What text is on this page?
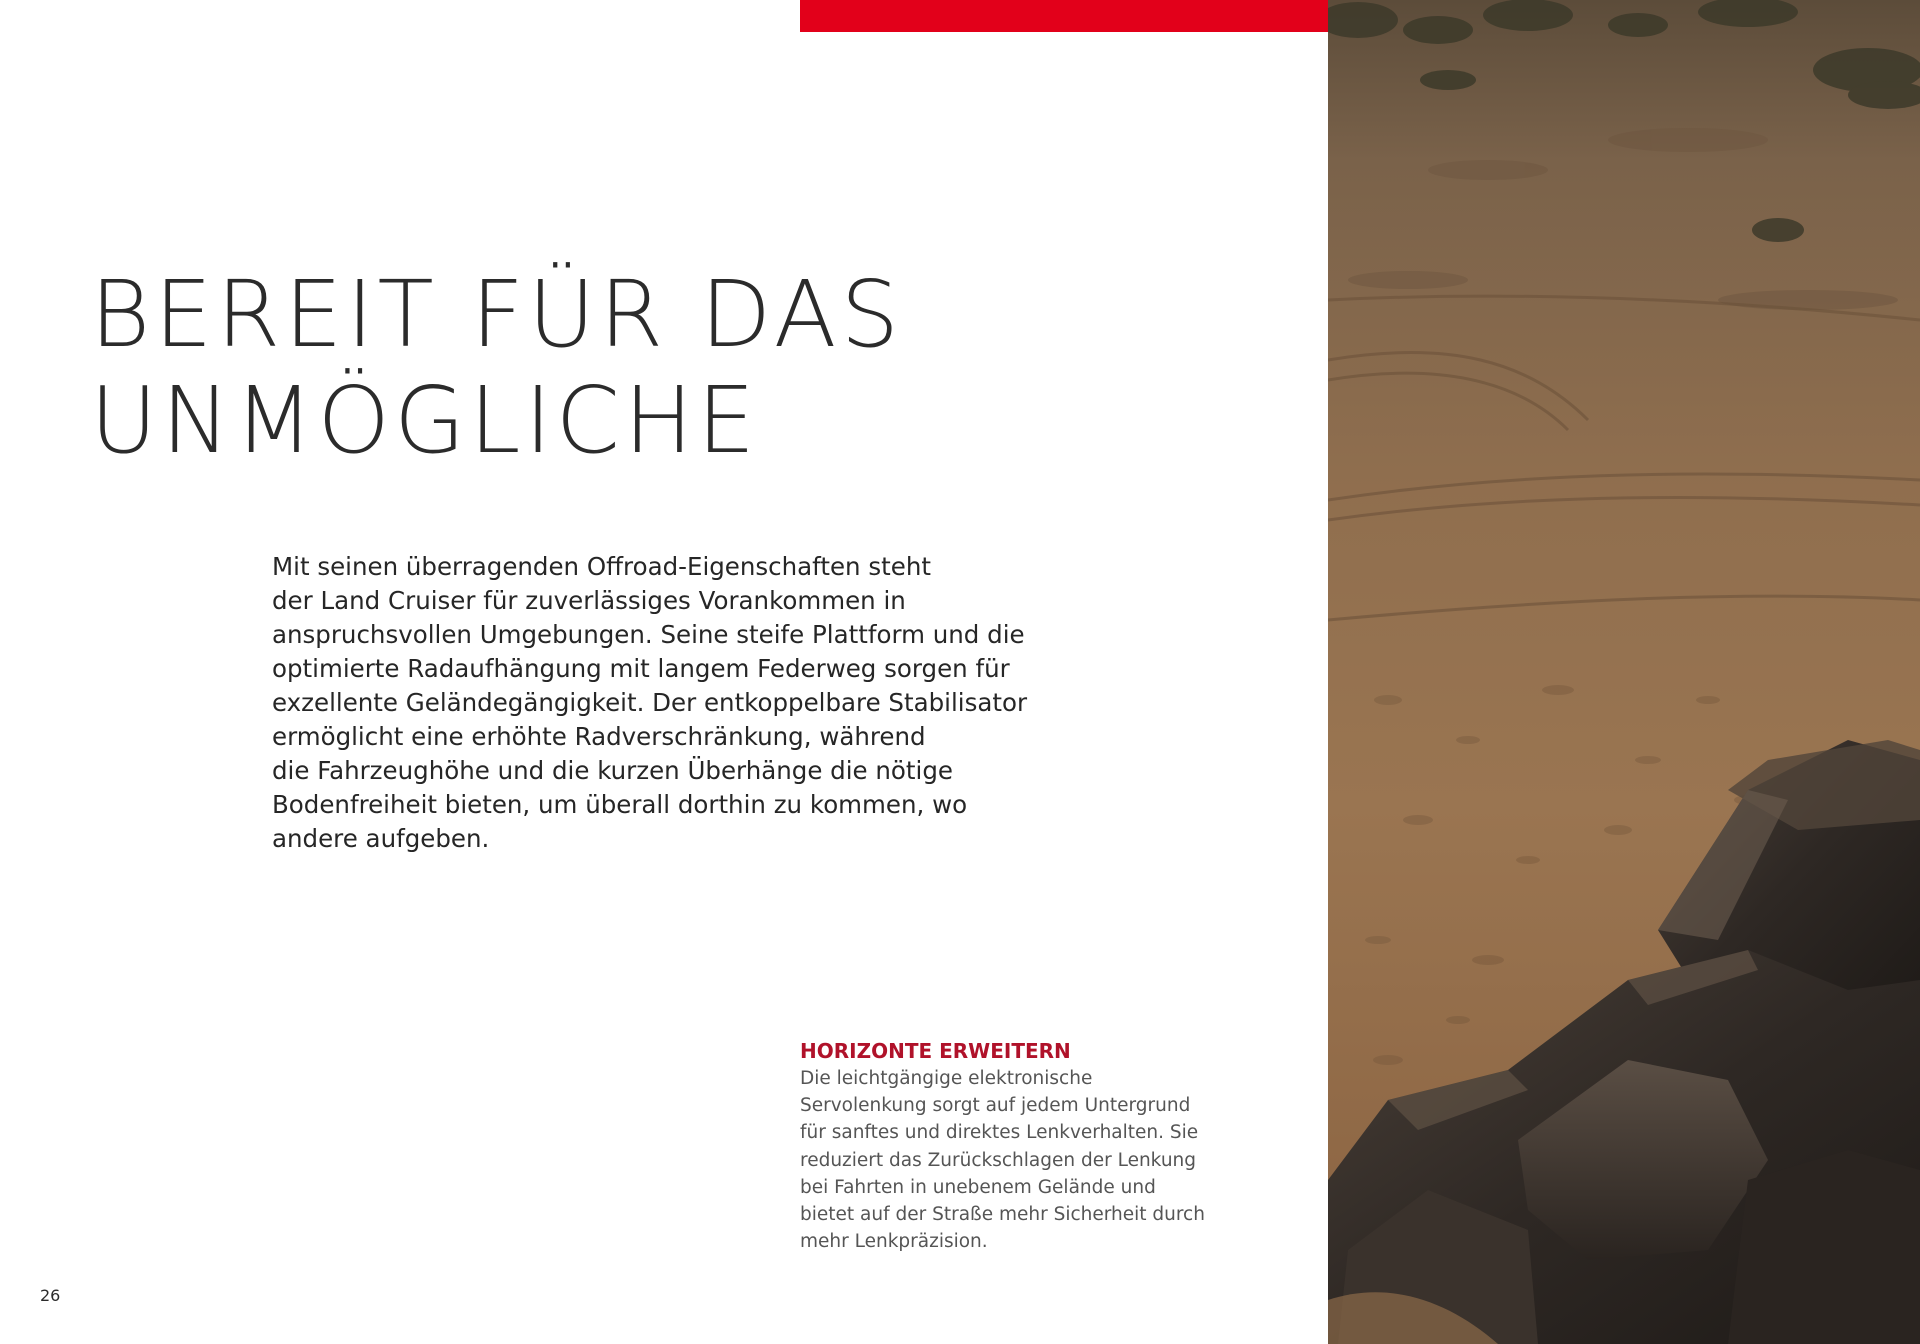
BEREIT FÜR DAS
UNMÖGLICHE

Mit seinen überragenden Offroad-Eigenschaften steht
der Land Cruiser für zuverlässiges Vorankommen in
anspruchsvollen Umgebungen. Seine steife Plattform und die
optimierte Radaufhängung mit langem Federweg sorgen für
exzellente Geländegängigkeit. Der entkoppelbare Stabilisator
ermöglicht eine erhöhte Radverschränkung, während
die Fahrzeughöhe und die kurzen Überhänge die nötige
Bodenfreiheit bieten, um überall dorthin zu kommen, wo
andere aufgeben.

HORIZONTE ERWEITERN

Die leichtgängige elektronische
Servolenkung sorgt auf jedem Untergrund
für sanftes und direktes Lenkverhalten. Sie
reduziert das Zurückschlagen der Lenkung
bei Fahrten in unebenem Gelände und
bietet auf der Straße mehr Sicherheit durch
mehr Lenkpräzision.

26
